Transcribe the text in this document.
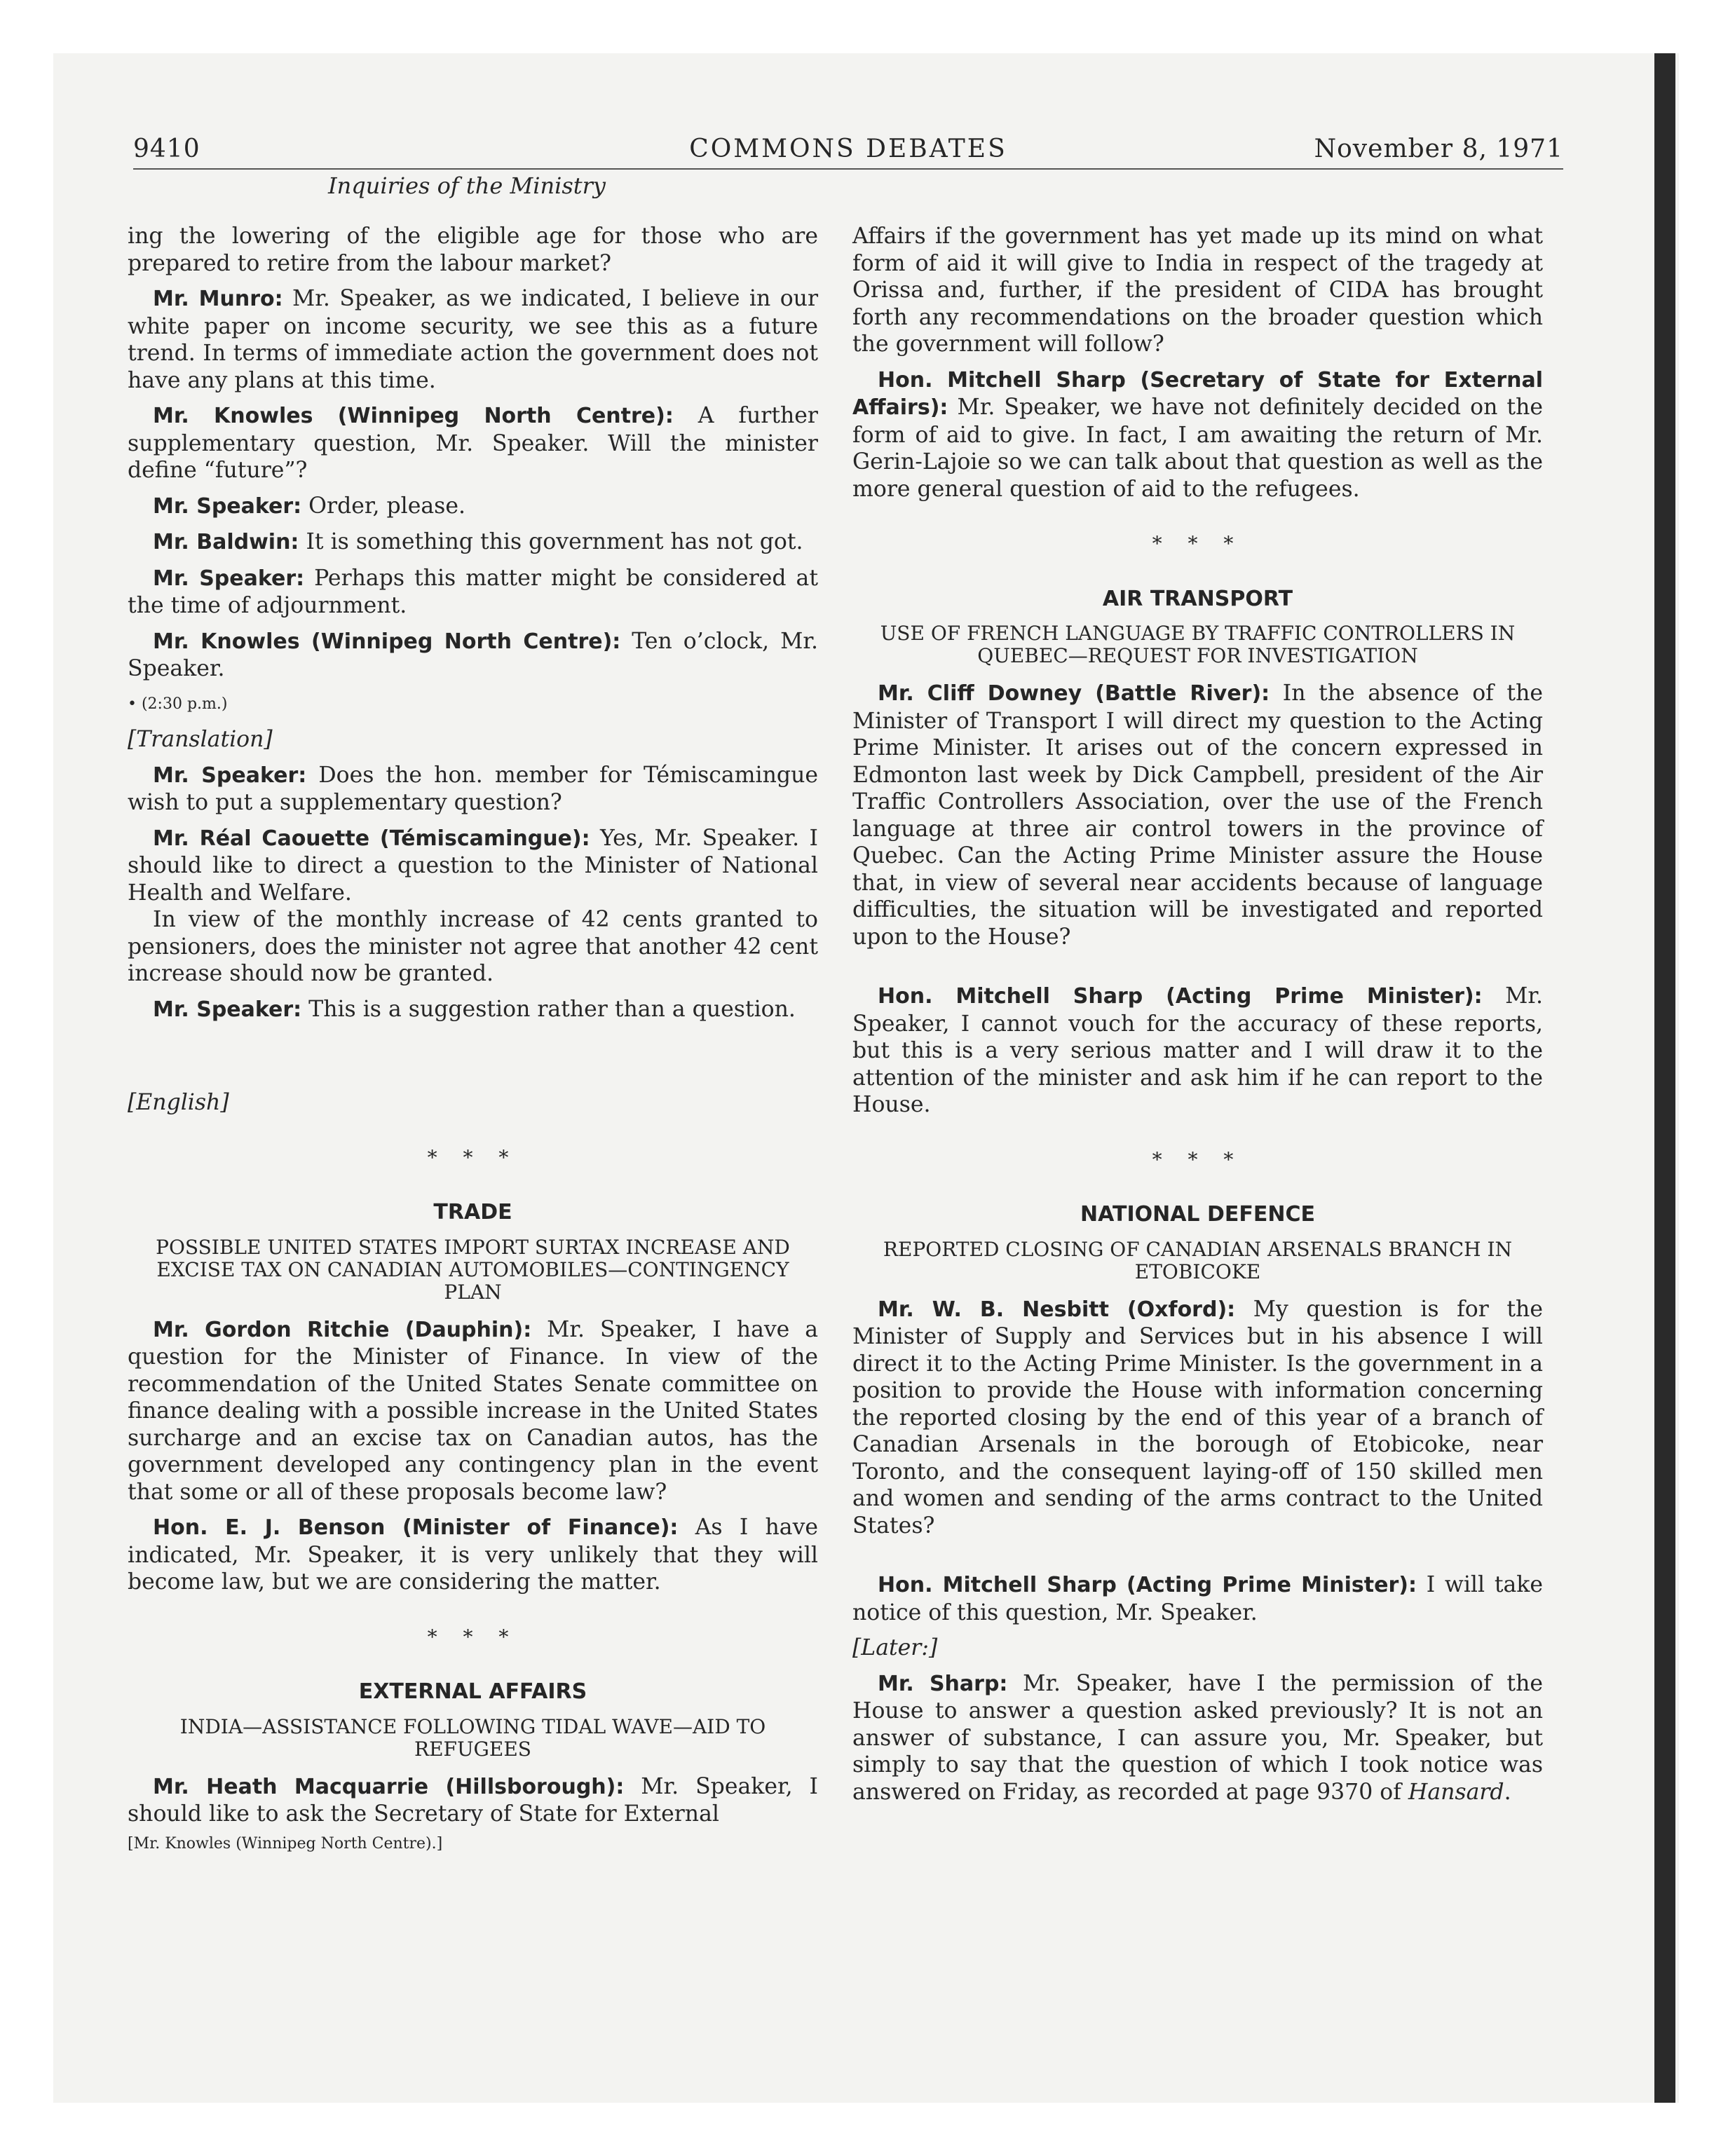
9410	COMMONS DEBATES	November 8, 1971
Inquiries of the Ministry

ing the lowering of the eligible age for those who are prepared to retire from the labour market?

Mr. Munro: Mr. Speaker, as we indicated, I believe in our white paper on income security, we see this as a future trend. In terms of immediate action the government does not have any plans at this time.

Mr. Knowles (Winnipeg North Centre): A further supplementary question, Mr. Speaker. Will the minister define “future”?

Mr. Speaker: Order, please.

Mr. Baldwin: It is something this government has not got.

Mr. Speaker: Perhaps this matter might be considered at the time of adjournment.

Mr. Knowles (Winnipeg North Centre): Ten o’clock, Mr. Speaker.

• (2:30 p.m.)

[Translation]

Mr. Speaker: Does the hon. member for Témiscamingue wish to put a supplementary question?

Mr. Réal Caouette (Témiscamingue): Yes, Mr. Speaker. I should like to direct a question to the Minister of National Health and Welfare.

In view of the monthly increase of 42 cents granted to pensioners, does the minister not agree that another 42 cent increase should now be granted.

Mr. Speaker: This is a suggestion rather than a question.

[English]

* * *
TRADE
POSSIBLE UNITED STATES IMPORT SURTAX INCREASE AND EXCISE TAX ON CANADIAN AUTOMOBILES—CONTINGENCY PLAN

Mr. Gordon Ritchie (Dauphin): Mr. Speaker, I have a question for the Minister of Finance. In view of the recommendation of the United States Senate committee on finance dealing with a possible increase in the United States surcharge and an excise tax on Canadian autos, has the government developed any contingency plan in the event that some or all of these proposals become law?

Hon. E. J. Benson (Minister of Finance): As I have indicated, Mr. Speaker, it is very unlikely that they will become law, but we are considering the matter.

* * *
EXTERNAL AFFAIRS
INDIA—ASSISTANCE FOLLOWING TIDAL WAVE—AID TO REFUGEES

Mr. Heath Macquarrie (Hillsborough): Mr. Speaker, I should like to ask the Secretary of State for External

[Mr. Knowles (Winnipeg North Centre).]

Affairs if the government has yet made up its mind on what form of aid it will give to India in respect of the tragedy at Orissa and, further, if the president of CIDA has brought forth any recommendations on the broader question which the government will follow?

Hon. Mitchell Sharp (Secretary of State for External Affairs): Mr. Speaker, we have not definitely decided on the form of aid to give. In fact, I am awaiting the return of Mr. Gerin-Lajoie so we can talk about that question as well as the more general question of aid to the refugees.

* * *
AIR TRANSPORT
USE OF FRENCH LANGUAGE BY TRAFFIC CONTROLLERS IN QUEBEC—REQUEST FOR INVESTIGATION

Mr. Cliff Downey (Battle River): In the absence of the Minister of Transport I will direct my question to the Acting Prime Minister. It arises out of the concern expressed in Edmonton last week by Dick Campbell, president of the Air Traffic Controllers Association, over the use of the French language at three air control towers in the province of Quebec. Can the Acting Prime Minister assure the House that, in view of several near accidents because of language difficulties, the situation will be investigated and reported upon to the House?

Hon. Mitchell Sharp (Acting Prime Minister): Mr. Speaker, I cannot vouch for the accuracy of these reports, but this is a very serious matter and I will draw it to the attention of the minister and ask him if he can report to the House.

* * *
NATIONAL DEFENCE
REPORTED CLOSING OF CANADIAN ARSENALS BRANCH IN ETOBICOKE

Mr. W. B. Nesbitt (Oxford): My question is for the Minister of Supply and Services but in his absence I will direct it to the Acting Prime Minister. Is the government in a position to provide the House with information concerning the reported closing by the end of this year of a branch of Canadian Arsenals in the borough of Etobicoke, near Toronto, and the consequent laying-off of 150 skilled men and women and sending of the arms contract to the United States?

Hon. Mitchell Sharp (Acting Prime Minister): I will take notice of this question, Mr. Speaker.

[Later:]

Mr. Sharp: Mr. Speaker, have I the permission of the House to answer a question asked previously? It is not an answer of substance, I can assure you, Mr. Speaker, but simply to say that the question of which I took notice was answered on Friday, as recorded at page 9370 of Hansard.
